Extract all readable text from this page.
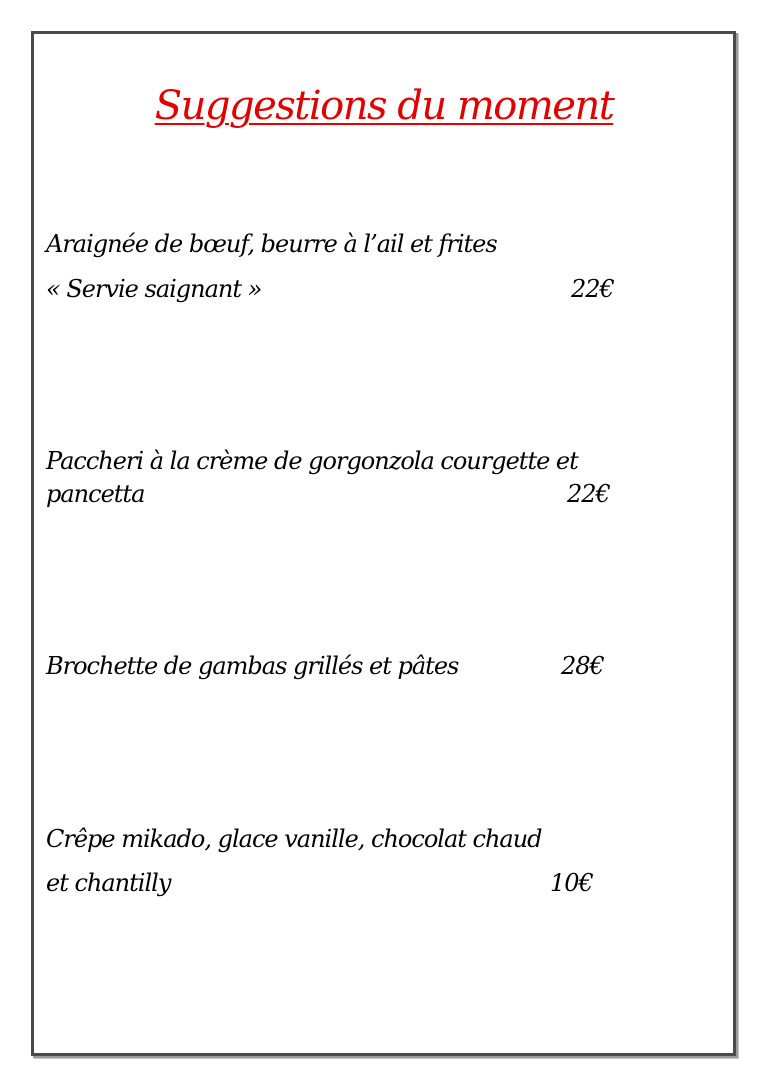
Suggestions du moment
Araignée de bœuf, beurre à l’ail et frites
« Servie saignant »	22€
Paccheri à la crème de gorgonzola courgette et
pancetta	22€
Brochette de gambas grillés et pâtes	28€
Crêpe mikado, glace vanille, chocolat chaud
et chantilly	10€
